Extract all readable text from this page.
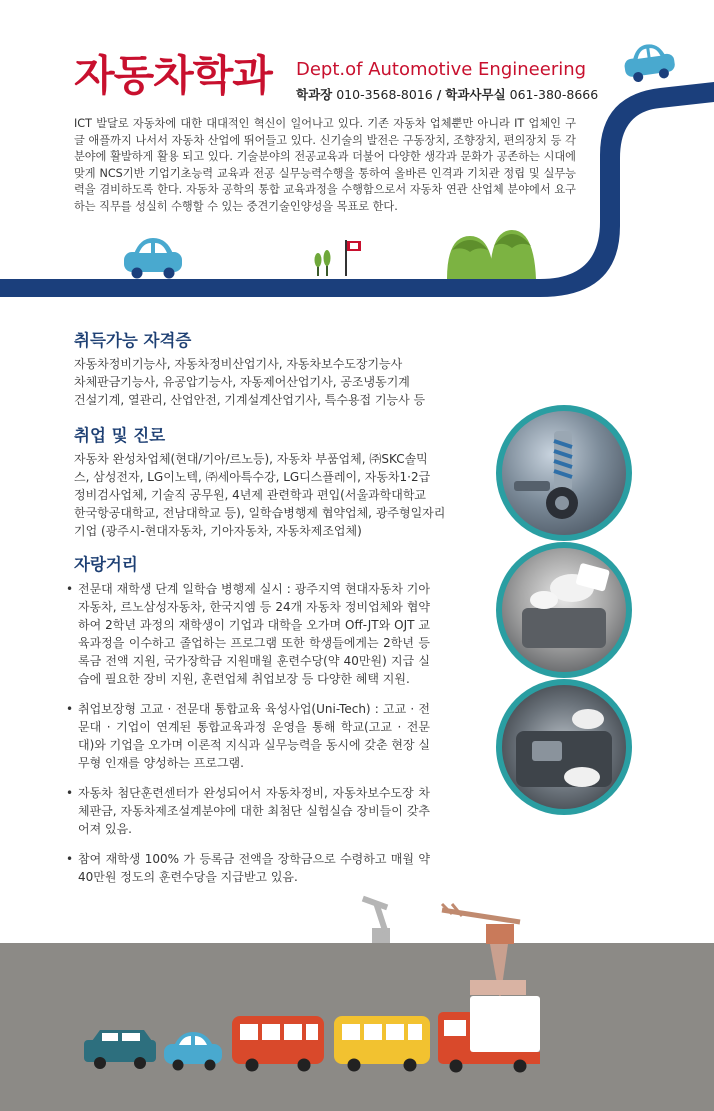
자동차학과 Dept.of Automotive Engineering
학과장 010-3568-8016 / 학과사무실 061-380-8666
ICT 발달로 자동차에 대한 대대적인 혁신이 일어나고 있다. 기존 자동차 업체뿐만 아니라 IT 업체인 구글 애플까지 나서서 자동차 산업에 뛰어들고 있다. 신기술의 발전은 구동장치, 조향장치, 편의장치 등 각 분야에 활발하게 활용 되고 있다. 기술분야의 전공교육과 더불어 다양한 생각과 문화가 공존하는 시대에 맞게 NCS기반 기업기초능력 교육과 전공 실무능력수행을 통하여 올바른 인격과 기치관 정립 및 실무능력을 겸비하도록 한다. 자동차 공학의 통합 교육과정을 수행함으로서 자동차 연관 산업체 분야에서 요구하는 직무를 성실히 수행할 수 있는 중견기술인양성을 목표로 한다.
취득가능 자격증
자동차정비기능사, 자동차정비산업기사, 자동차보수도장기능사
차체판금기능사, 유공압기능사, 자동제어산업기사, 공조냉동기계
건설기계, 열관리, 산업안전, 기계설계산업기사, 특수용접 기능사 등
취업 및 진로
자동차 완성차업체(현대/기아/르노등), 자동차 부품업체, ㈜SKC솔믹
스, 삼성전자, LG이노텍, ㈜세아특수강, LG디스플레이, 자동차1·2급
정비검사업체, 기술직 공무원, 4년제 관련학과 편입(서울과학대학교
한국항공대학교, 전남대학교 등), 일학습병행제 협약업체, 광주형일자리
기업 (광주시-현대자동차, 기아자동차, 자동차제조업체)
자랑거리
• 전문대 재학생 단계 일학습 병행제 실시 : 광주지역 현대자동차 기아자동차, 르노삼성자동차, 한국지엠 등 24개 자동차 정비업체와 협약하여 2학년 과정의 재학생이 기업과 대학을 오가며 Off-JT와 OJT 교육과정을 이수하고 졸업하는 프로그램 또한 학생들에게는 2학년 등록금 전액 지원, 국가장학금 지원매월 훈련수당(약 40만원) 지급 실습에 필요한 장비 지원, 훈련업체 취업보장 등 다양한 혜택 지원.
• 취업보장형 고교 · 전문대 통합교육 육성사업(Uni-Tech) : 고교 · 전문대 · 기업이 연계된 통합교육과정 운영을 통해 학교(고교 · 전문대)와 기업을 오가며 이론적 지식과 실무능력을 동시에 갖춘 현장 실무형 인재를 양성하는 프로그램.
• 자동차 첨단훈련센터가 완성되어서 자동차정비, 자동차보수도장 차체판금, 자동차제조설계분야에 대한 최첨단 실험실습 장비들이 갖추어져 있음.
• 참여 재학생 100% 가 등록금 전액을 장학금으로 수령하고 매월 약 40만원 정도의 훈련수당을 지급받고 있음.
